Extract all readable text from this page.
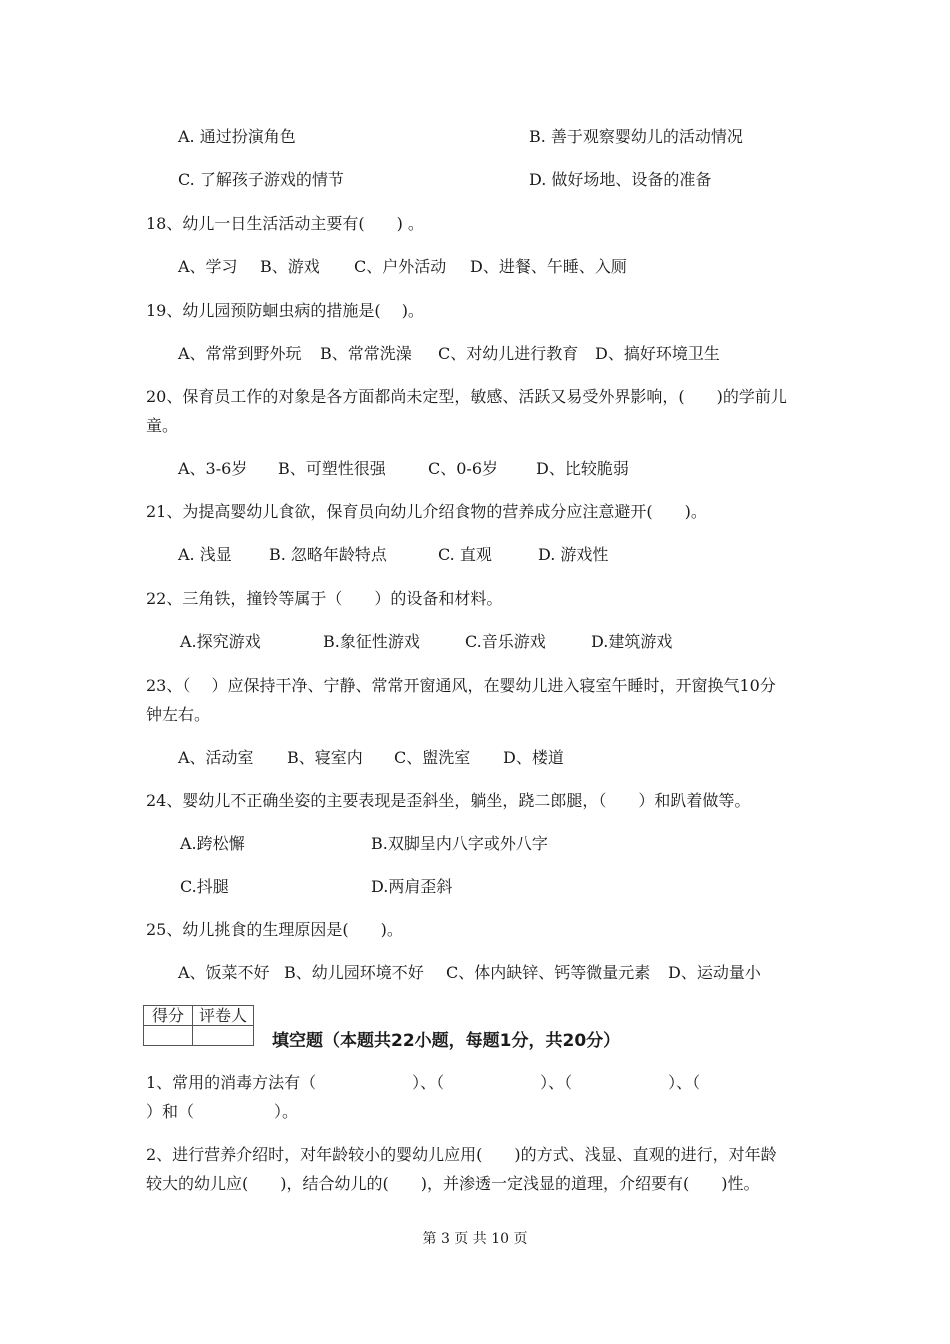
A. 通过扮演角色	B. 善于观察婴幼儿的活动情况
C. 了解孩子游戏的情节	D. 做好场地、设备的准备
18、幼儿一日生活活动主要有(　　) 。
A、学习 B、游戏 C、户外活动 D、进餐、午睡、入厕
19、幼儿园预防蛔虫病的措施是(　 )。
A、常常到野外玩 B、常常洗澡 C、对幼儿进行教育 D、搞好环境卫生
20、保育员工作的对象是各方面都尚未定型，敏感、活跃又易受外界影响，(　　)的学前儿
童。
A、3-6岁 B、可塑性很强	C、0-6岁 D、比较脆弱
21、为提高婴幼儿食欲，保育员向幼儿介绍食物的营养成分应注意避开(　　)。
A. 浅显 B. 忽略年龄特点	C. 直观	D. 游戏性
22、三角铁，撞铃等属于（　　）的设备和材料。
A.探究游戏	B.象征性游戏	C.音乐游戏	D.建筑游戏
23、（　 ）应保持干净、宁静、常常开窗通风，在婴幼儿进入寝室午睡时，开窗换气10分
钟左右。
A、活动室 B、寝室内 C、盥洗室 D、楼道
24、婴幼儿不正确坐姿的主要表现是歪斜坐，躺坐，跷二郎腿，（　　）和趴着做等。
A.跨松懈	B.双脚呈内八字或外八字
C.抖腿	D.两肩歪斜
25、幼儿挑食的生理原因是(　　)。
A、饭菜不好 B、幼儿园环境不好 C、体内缺锌、钙等微量元素 D、运动量小
得分	评卷人

填空题（本题共22小题，每题1分，共20分）
1、常用的消毒方法有（　　　　　　）、（　　　　　　）、（　　　　　　）、（
）和（　　　　　）。
2、进行营养介绍时，对年龄较小的婴幼儿应用(　　)的方式、浅显、直观的进行，对年龄
较大的幼儿应(　　)，结合幼儿的(　　)，并渗透一定浅显的道理，介绍要有(　　)性。
第 3 页 共 10 页
